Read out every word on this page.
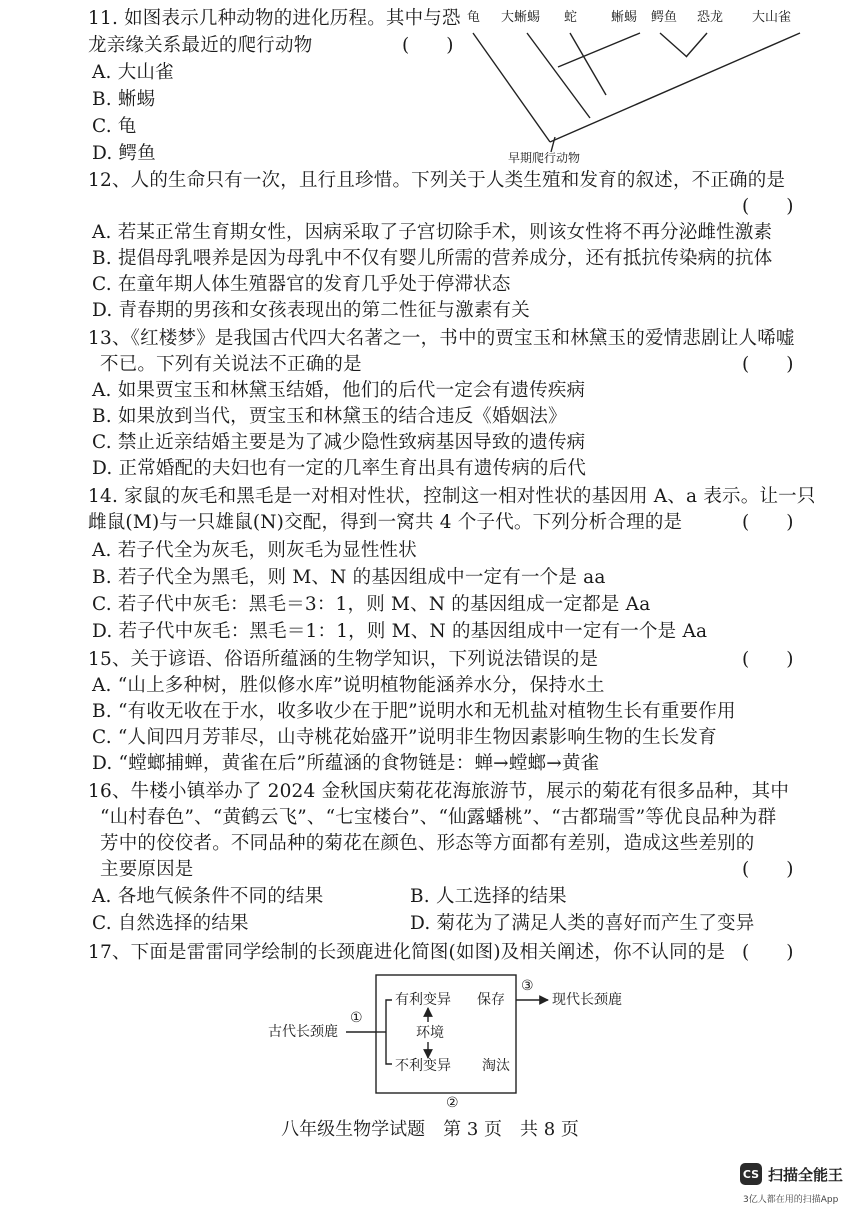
11. 如图表示几种动物的进化历程。其中与恐
龙亲缘关系最近的爬行动物	(　　)
A. 大山雀
B. 蜥蜴
C. 龟
D. 鳄鱼
龟 大蜥蜴 蛇	蜥蜴 鳄鱼 恐龙 大山雀
早期爬行动物
12、人的生命只有一次，且行且珍惜。下列关于人类生殖和发育的叙述，不正确的是
(　　)
A. 若某正常生育期女性，因病采取了子宫切除手术，则该女性将不再分泌雌性激素
B. 提倡母乳喂养是因为母乳中不仅有婴儿所需的营养成分，还有抵抗传染病的抗体
C. 在童年期人体生殖器官的发育几乎处于停滞状态
D. 青春期的男孩和女孩表现出的第二性征与激素有关
13、《红楼梦》是我国古代四大名著之一，书中的贾宝玉和林黛玉的爱情悲剧让人唏嘘
不已。下列有关说法不正确的是	(　　)
A. 如果贾宝玉和林黛玉结婚，他们的后代一定会有遗传疾病
B. 如果放到当代，贾宝玉和林黛玉的结合违反《婚姻法》
C. 禁止近亲结婚主要是为了减少隐性致病基因导致的遗传病
D. 正常婚配的夫妇也有一定的几率生育出具有遗传病的后代
14. 家鼠的灰毛和黑毛是一对相对性状，控制这一相对性状的基因用 A、a 表示。让一只
雌鼠(M)与一只雄鼠(N)交配，得到一窝共 4 个子代。下列分析合理的是	(　　)
A. 若子代全为灰毛，则灰毛为显性性状
B. 若子代全为黑毛，则 M、N 的基因组成中一定有一个是 aa
C. 若子代中灰毛：黑毛＝3：1，则 M、N 的基因组成一定都是 Aa
D. 若子代中灰毛：黑毛＝1：1，则 M、N 的基因组成中一定有一个是 Aa
15、关于谚语、俗语所蕴涵的生物学知识，下列说法错误的是	(　　)
A. “山上多种树，胜似修水库”说明植物能涵养水分，保持水土
B. “有收无收在于水，收多收少在于肥”说明水和无机盐对植物生长有重要作用
C. “人间四月芳菲尽，山寺桃花始盛开”说明非生物因素影响生物的生长发育
D. “螳螂捕蝉，黄雀在后”所蕴涵的食物链是：蝉→螳螂→黄雀
16、牛楼小镇举办了 2024 金秋国庆菊花花海旅游节，展示的菊花有很多品种，其中
“山村春色”、“黄鹤云飞”、“七宝楼台”、“仙露蟠桃”、“古都瑞雪”等优良品种为群
芳中的佼佼者。不同品种的菊花在颜色、形态等方面都有差别，造成这些差别的
主要原因是	(　　)
A. 各地气候条件不同的结果	B. 人工选择的结果
C. 自然选择的结果	D. 菊花为了满足人类的喜好而产生了变异
17、下面是雷雷同学绘制的长颈鹿进化简图(如图)及相关阐述，你不认同的是 (　　)
古代长颈鹿
①
有利变异 保存
环境
不利变异 淘汰
③
现代长颈鹿
②
八年级生物学试题　第 3 页　共 8 页
CS 扫描全能王
3亿人都在用的扫描App
